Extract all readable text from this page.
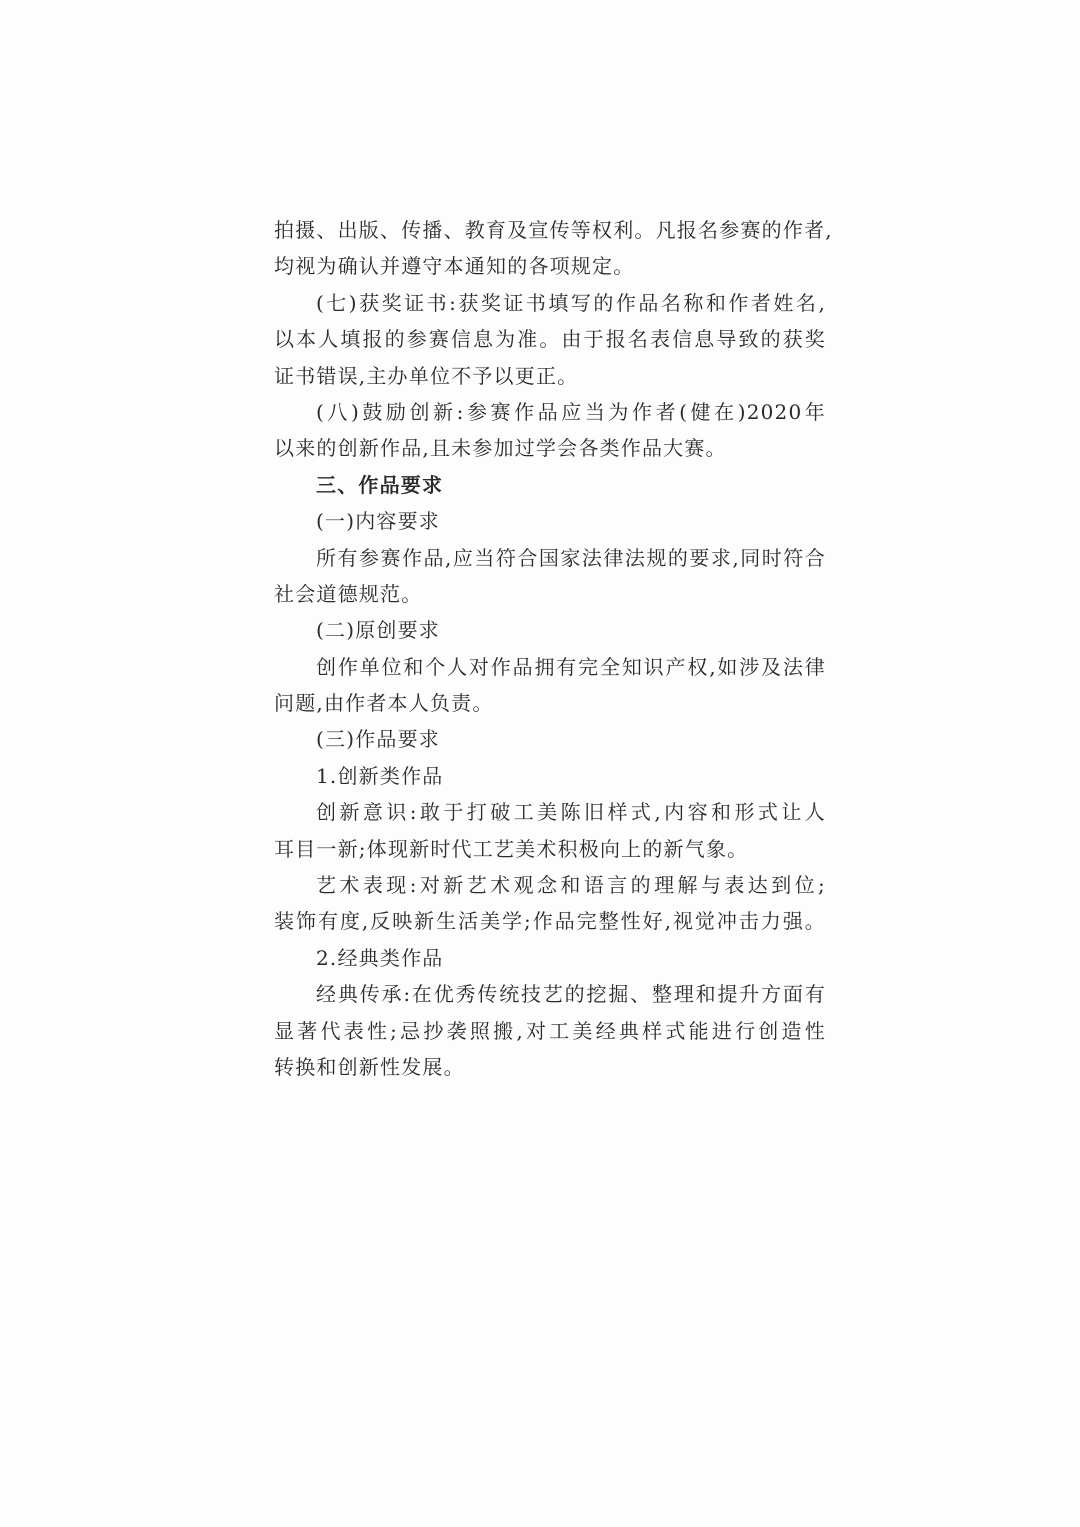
拍摄、出版、传播、教育及宣传等权利。凡报名参赛的作者,
均视为确认并遵守本通知的各项规定。
(七)获奖证书:获奖证书填写的作品名称和作者姓名,
以本人填报的参赛信息为准。由于报名表信息导致的获奖
证书错误,主办单位不予以更正。
(八)鼓励创新:参赛作品应当为作者(健在)2020年
以来的创新作品,且未参加过学会各类作品大赛。
三、作品要求
(一)内容要求
所有参赛作品,应当符合国家法律法规的要求,同时符合
社会道德规范。
(二)原创要求
创作单位和个人对作品拥有完全知识产权,如涉及法律
问题,由作者本人负责。
(三)作品要求
1.创新类作品
创新意识:敢于打破工美陈旧样式,内容和形式让人
耳目一新;体现新时代工艺美术积极向上的新气象。
艺术表现:对新艺术观念和语言的理解与表达到位;
装饰有度,反映新生活美学;作品完整性好,视觉冲击力强。
2.经典类作品
经典传承:在优秀传统技艺的挖掘、整理和提升方面有
显著代表性;忌抄袭照搬,对工美经典样式能进行创造性
转换和创新性发展。
